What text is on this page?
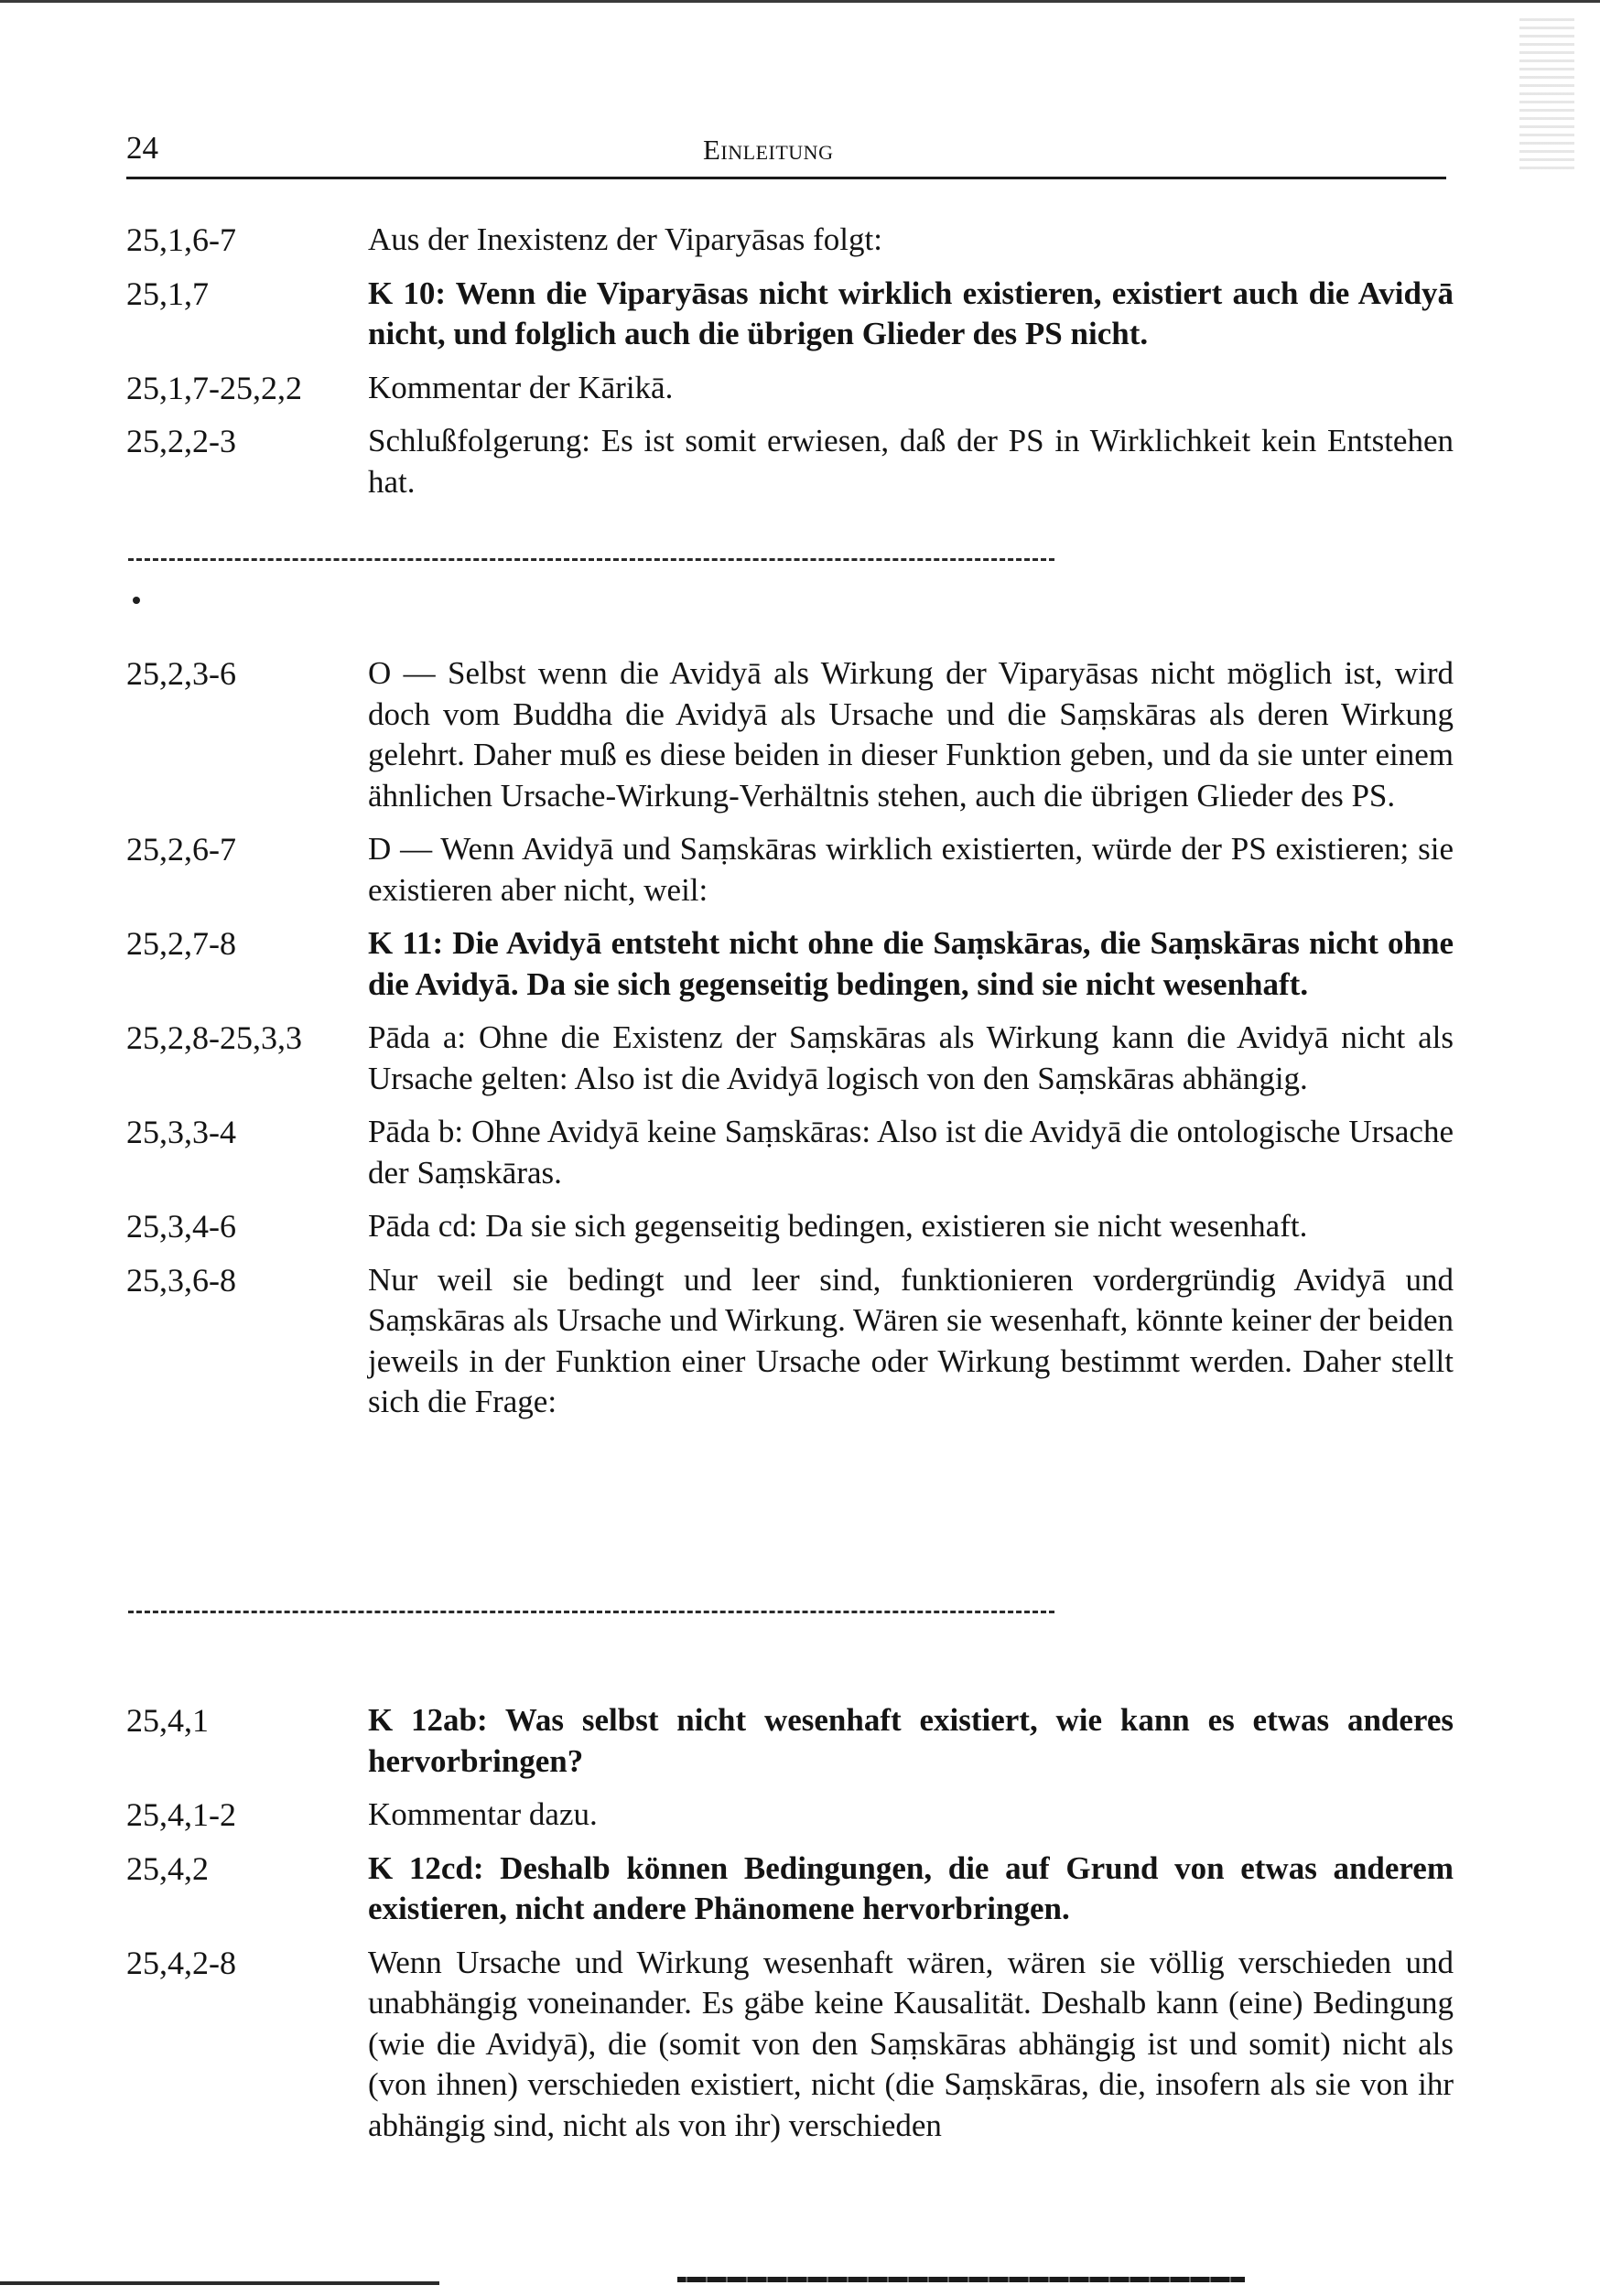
24	Einleitung
25,1,6-7	Aus der Inexistenz der Viparyāsas folgt:
25,1,7	K 10: Wenn die Viparyāsas nicht wirklich existieren, existiert auch die Avidyā nicht, und folglich auch die übrigen Glieder des PS nicht.
25,1,7-25,2,2	Kommentar der Kārikā.
25,2,2-3	Schlußfolgerung: Es ist somit erwiesen, daß der PS in Wirklichkeit kein Entstehen hat.
25,2,3-6	O — Selbst wenn die Avidyā als Wirkung der Viparyāsas nicht möglich ist, wird doch vom Buddha die Avidyā als Ursache und die Saṃskāras als deren Wirkung gelehrt. Daher muß es diese beiden in dieser Funktion geben, und da sie unter einem ähnlichen Ursache-Wirkung-Verhältnis stehen, auch die übrigen Glieder des PS.
25,2,6-7	D — Wenn Avidyā und Saṃskāras wirklich existierten, würde der PS existieren; sie existieren aber nicht, weil:
25,2,7-8	K 11: Die Avidyā entsteht nicht ohne die Saṃskāras, die Saṃskāras nicht ohne die Avidyā. Da sie sich gegenseitig bedingen, sind sie nicht wesenhaft.
25,2,8-25,3,3	Pāda a: Ohne die Existenz der Saṃskāras als Wirkung kann die Avidyā nicht als Ursache gelten: Also ist die Avidyā logisch von den Saṃskāras abhängig.
25,3,3-4	Pāda b: Ohne Avidyā keine Saṃskāras: Also ist die Avidyā die ontologische Ursache der Saṃskāras.
25,3,4-6	Pāda cd: Da sie sich gegenseitig bedingen, existieren sie nicht wesenhaft.
25,3,6-8	Nur weil sie bedingt und leer sind, funktionieren vordergründig Avidyā und Saṃskāras als Ursache und Wirkung. Wären sie wesenhaft, könnte keiner der beiden jeweils in der Funktion einer Ursache oder Wirkung bestimmt werden. Daher stellt sich die Frage:
25,4,1	K 12ab: Was selbst nicht wesenhaft existiert, wie kann es etwas anderes hervorbringen?
25,4,1-2	Kommentar dazu.
25,4,2	K 12cd: Deshalb können Bedingungen, die auf Grund von etwas anderem existieren, nicht andere Phänomene hervorbringen.
25,4,2-8	Wenn Ursache und Wirkung wesenhaft wären, wären sie völlig verschieden und unabhängig voneinander. Es gäbe keine Kausalität. Deshalb kann (eine) Bedingung (wie die Avidyā), die (somit von den Saṃskāras abhängig ist und somit) nicht als (von ihnen) verschieden existiert, nicht (die Saṃskāras, die, insofern als sie von ihr abhängig sind, nicht als von ihr) verschieden
